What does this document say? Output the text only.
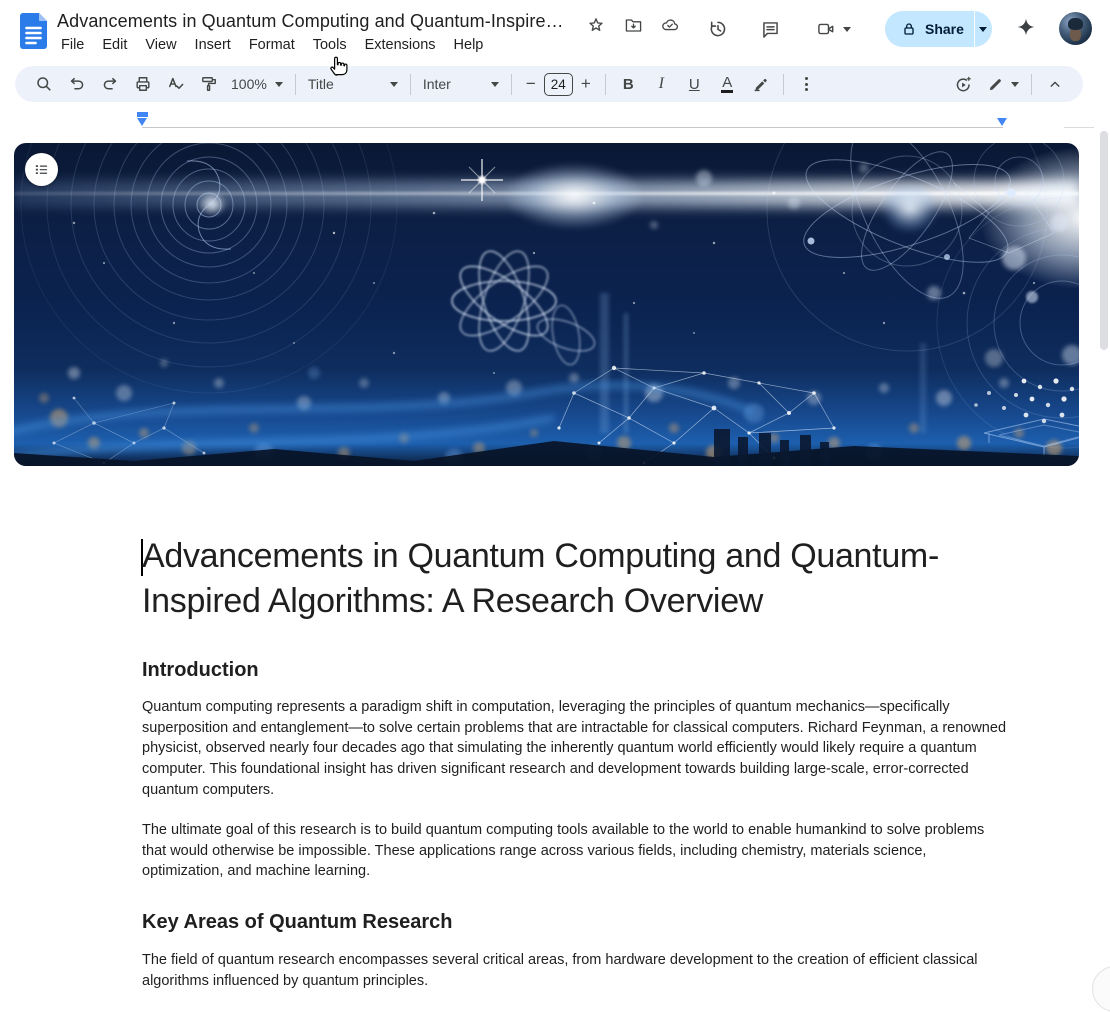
Advancements in Quantum Computing and Quantum-Inspire…
File	Edit	View	Insert	Format	Tools	Extensions	Help
Share
100%	Title	Inter	−	24 +	B I U A
Advancements in Quantum Computing and Quantum-Inspired Algorithms: A Research Overview
Introduction
Quantum computing represents a paradigm shift in computation, leveraging the principles of quantum mechanics—specifically superposition and entanglement—to solve certain problems that are intractable for classical computers. Richard Feynman, a renowned physicist, observed nearly four decades ago that simulating the inherently quantum world efficiently would likely require a quantum computer. This foundational insight has driven significant research and development towards building large-scale, error-corrected quantum computers.
The ultimate goal of this research is to build quantum computing tools available to the world to enable humankind to solve problems that would otherwise be impossible. These applications range across various fields, including chemistry, materials science, optimization, and machine learning.
Key Areas of Quantum Research
The field of quantum research encompasses several critical areas, from hardware development to the creation of efficient classical algorithms influenced by quantum principles.
